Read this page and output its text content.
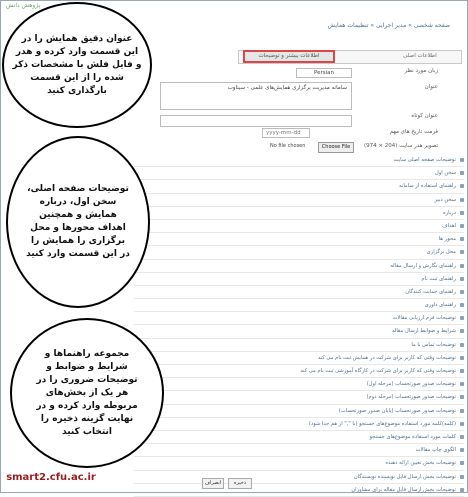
پژوهش دانش
صفحه شخصی » مدیر اجرایی » تنظیمات همایش
اطلاعات اصلی
اطلاعات بیشتر و توضیحات
زبان مورد نظر
Persian
عنوان
سامانه مدیریت برگزاری همایش‌های علمی - سیناوب
عنوان کوتاه
فرمت تاریخ های مهم
yyyy-mm-dd
تصویر هدر سایت (204 × 974)
Choose File
No file chosen
توضیحات صفحه اصلی سایت
سخن اول
راهنمای استفاده از سامانه
سخن دبیر
درباره
اهداف
محور ها
محل برگزاری
راهنمای نگارش و ارسال مقاله
راهنمای ثبت نام
راهنمای حمایت کنندگان
راهنمای داوری
توضیحات فرم ارزیابی مقالات
شرایط و ضوابط ارسال مقاله
توضیحات تماس با ما
توضیحات وقتی که کاربر برای شرکت در همایش ثبت نام می کند
توضیحات وقتی که کاربر برای شرکت در کارگاه آموزشی ثبت نام می کند
توضیحات صدور صورتحساب (مرحله اول)
توضیحات صدور صورتحساب (مرحله دوم)
توضیحات صدور صورتحساب (پایان صدور صورتحساب)
(کلمه)کلمه مورد استفاده موضوع‌های جستجو (با "," از هم جدا شود)
کلمات مورد استفاده موضوع‌های جستجو
الگوی چاپ مقالات
توضیحات بخش تعیین ارائه دهنده
توضیحات بخش ارسال فایل نویسنده نویسندگان
توضیحات بخش ارسال فایل مقاله برای مشاوران
ذخیره
انصراف
عنوان دقیق همایش را در
این قسمت وارد کرده و هدر
و فایل فلش با مشخصات ذکر
شده را از این قسمت
بارگذاری کنید
توضیحات صفحه اصلی،
سخن اول، درباره
همایش و همچنین
اهداف محورها و محل
برگزاری را همایش را
در این قسمت وارد کنید
مجموعه راهنماها و
شرایط و ضوابط و
توضیحات ضروری را در
هر یک از بخش‌های
مربوطه وارد کرده و در
نهایت گزینه ذخیره را
انتخاب کنید
smart2.cfu.ac.ir
